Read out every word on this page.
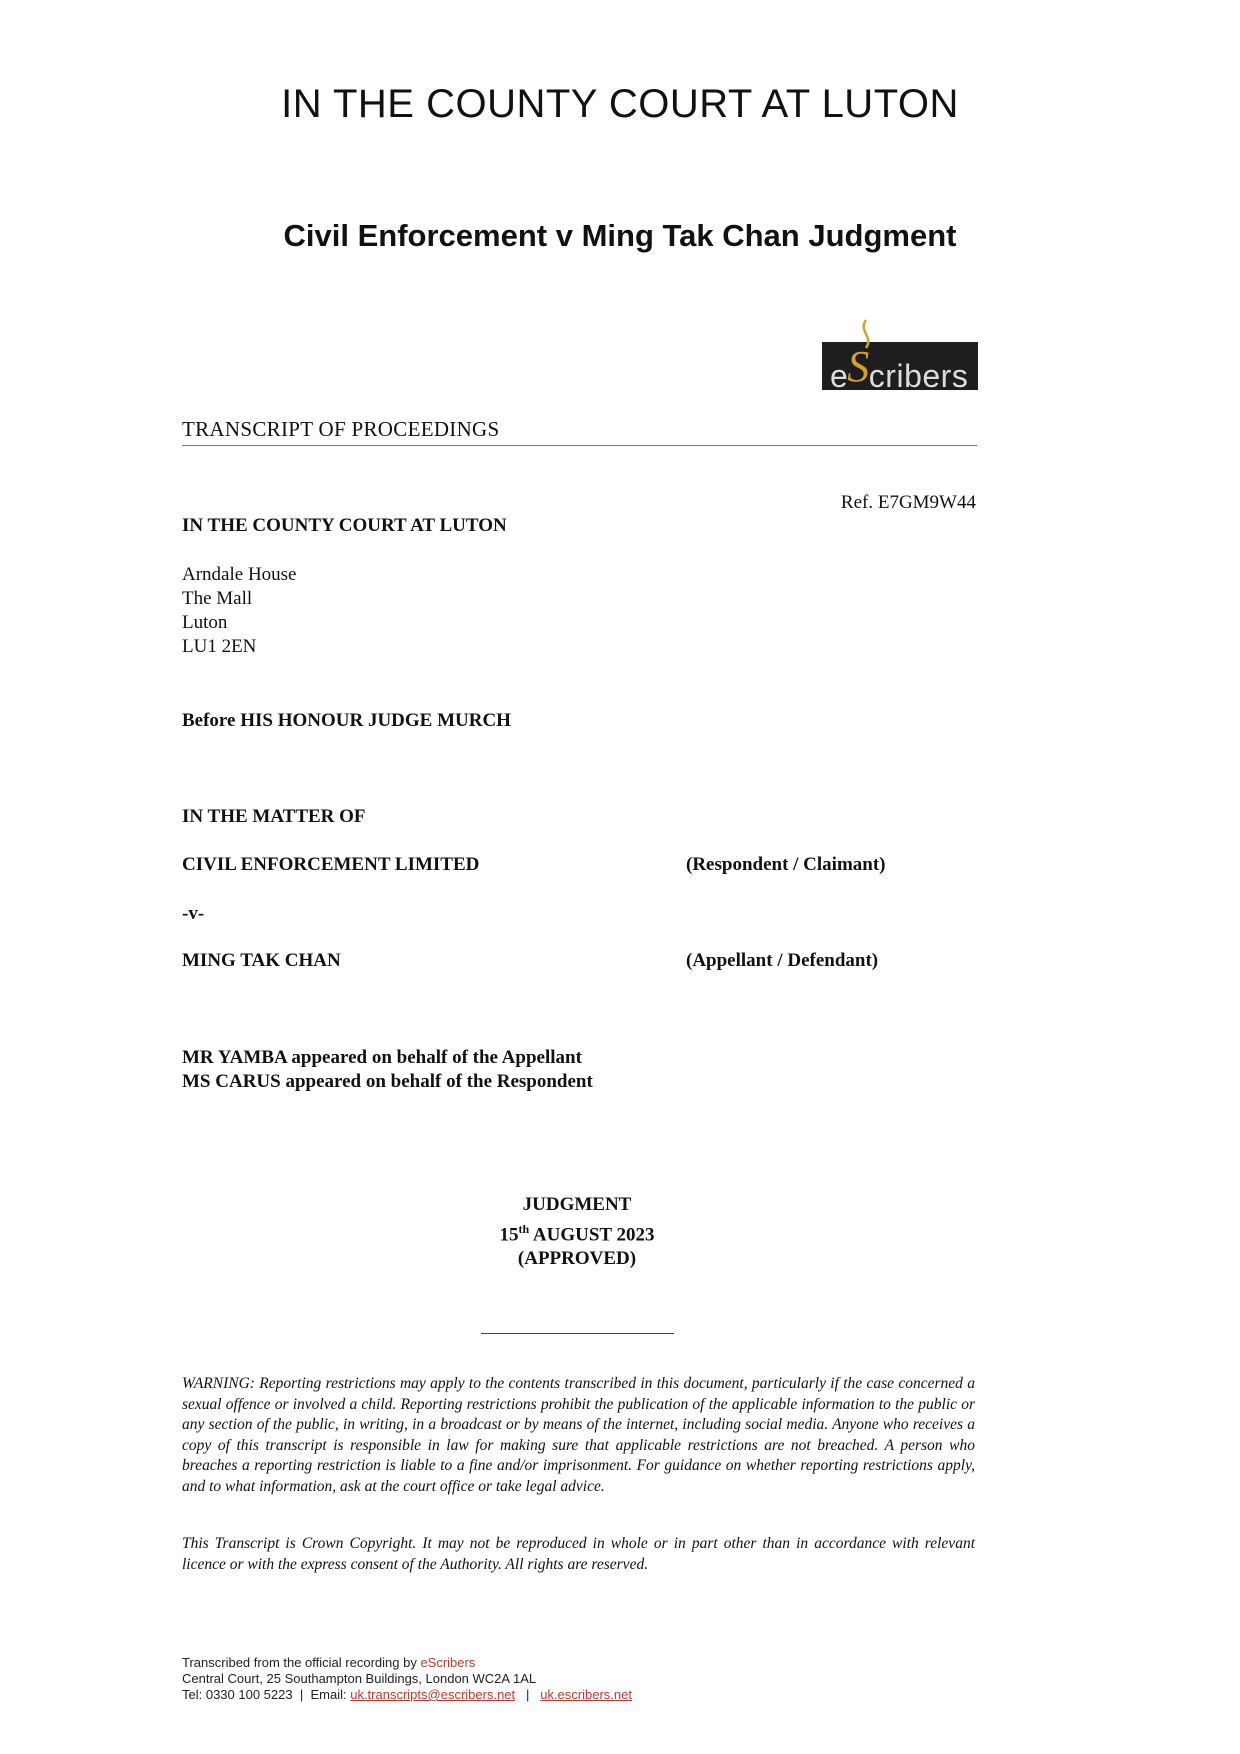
IN THE COUNTY COURT AT LUTON
Civil Enforcement v Ming Tak Chan Judgment
eScribers
TRANSCRIPT OF PROCEEDINGS
Ref. E7GM9W44
IN THE COUNTY COURT AT LUTON
Arndale House
The Mall
Luton
LU1 2EN
Before HIS HONOUR JUDGE MURCH
IN THE MATTER OF
CIVIL ENFORCEMENT LIMITED	(Respondent / Claimant)
-v-
MING TAK CHAN	(Appellant / Defendant)
MR YAMBA appeared on behalf of the Appellant
MS CARUS appeared on behalf of the Respondent
JUDGMENT
15th AUGUST 2023
(APPROVED)
WARNING: Reporting restrictions may apply to the contents transcribed in this document, particularly if the case concerned a sexual offence or involved a child. Reporting restrictions prohibit the publication of the applicable information to the public or any section of the public, in writing, in a broadcast or by means of the internet, including social media. Anyone who receives a copy of this transcript is responsible in law for making sure that applicable restrictions are not breached. A person who breaches a reporting restriction is liable to a fine and/or imprisonment. For guidance on whether reporting restrictions apply, and to what information, ask at the court office or take legal advice.
This Transcript is Crown Copyright. It may not be reproduced in whole or in part other than in accordance with relevant licence or with the express consent of the Authority. All rights are reserved.
Transcribed from the official recording by eScribers
Central Court, 25 Southampton Buildings, London WC2A 1AL
Tel: 0330 100 5223 | Email: uk.transcripts@escribers.net | uk.escribers.net
